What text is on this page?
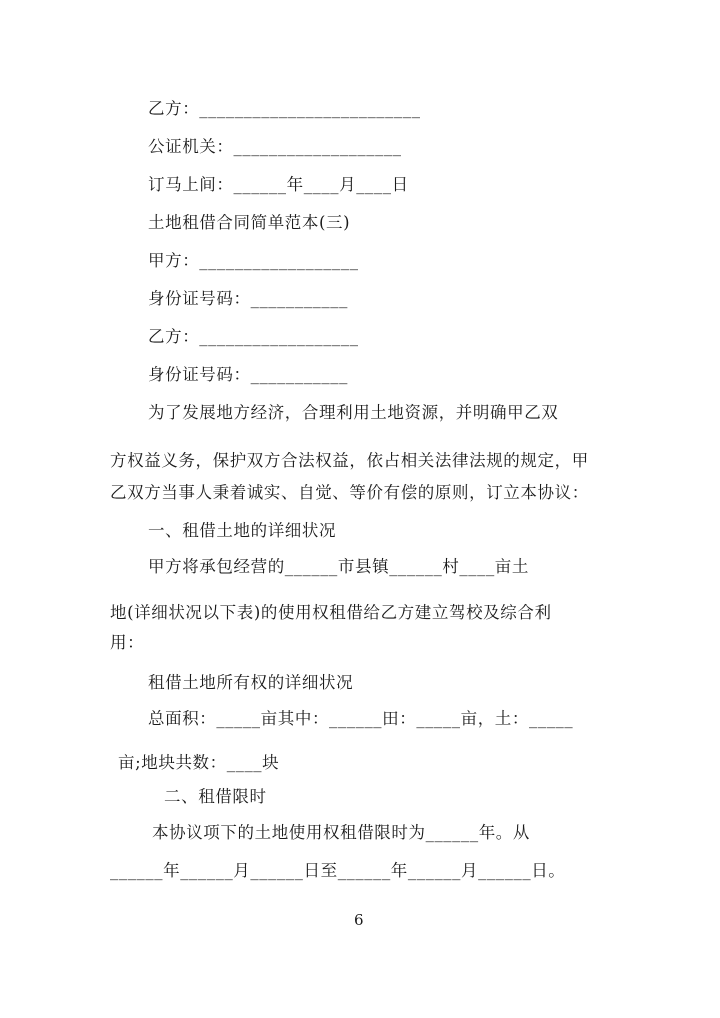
乙方：_________________________
公证机关：___________________
订马上间：______年____月____日
土地租借合同简单范本(三)
甲方：__________________
身份证号码：___________
乙方：__________________
身份证号码：___________
为了发展地方经济，合理利用土地资源，并明确甲乙双
方权益义务，保护双方合法权益，依占相关法律法规的规定，甲
乙双方当事人秉着诚实、自觉、等价有偿的原则，订立本协议：
一、租借土地的详细状况
甲方将承包经营的______市县镇______村____亩土
地(详细状况以下表)的使用权租借给乙方建立驾校及综合利
用：
租借土地所有权的详细状况
总面积：_____亩其中：______田：_____亩，土：_____
亩;地块共数：____块
二、租借限时
本协议项下的土地使用权租借限时为______年。从
______年______月______日至______年______月______日。
6
